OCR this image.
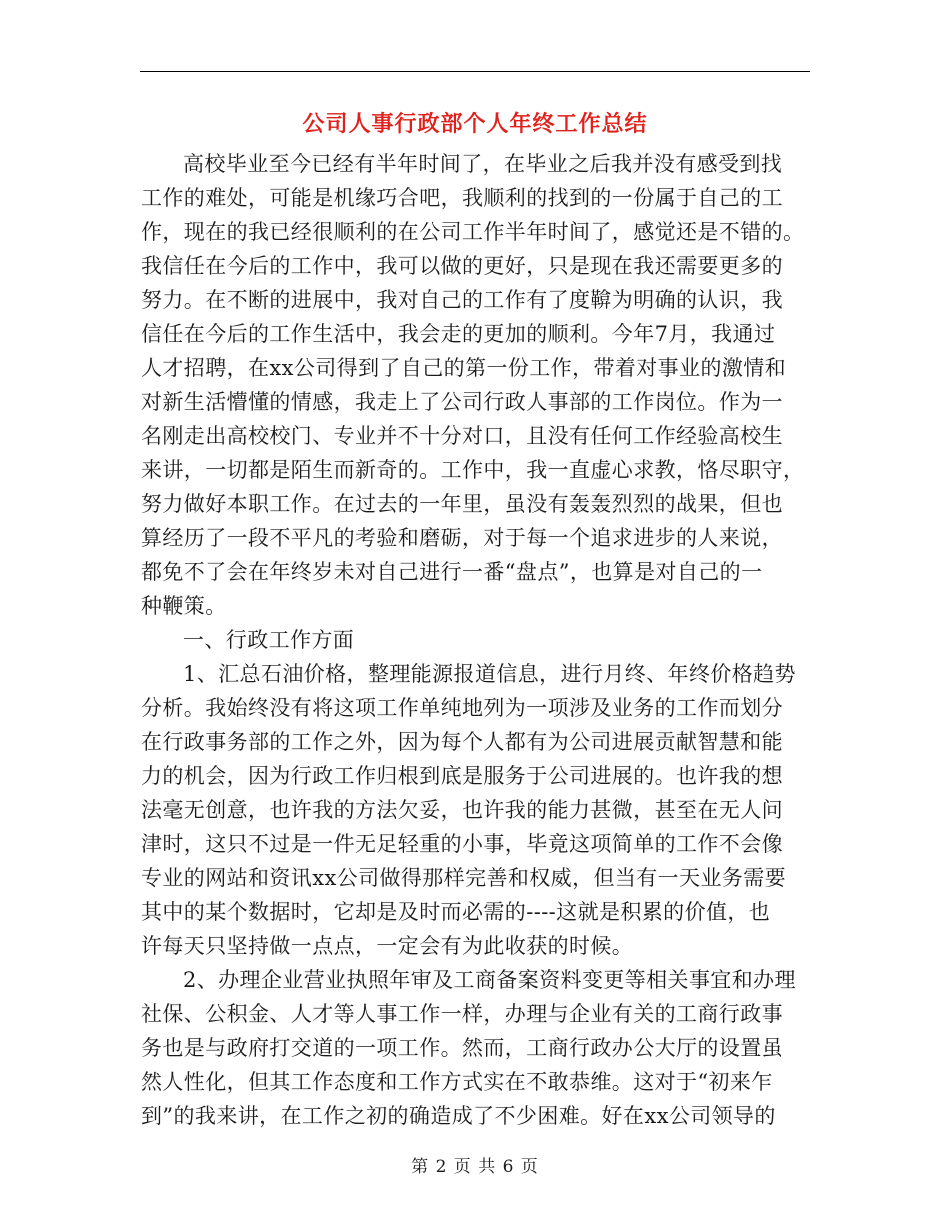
公司人事行政部个人年终工作总结
高校毕业至今已经有半年时间了，在毕业之后我并没有感受到找
工作的难处，可能是机缘巧合吧，我顺利的找到的一份属于自己的工
作，现在的我已经很顺利的在公司工作半年时间了，感觉还是不错的。
我信任在今后的工作中，我可以做的更好，只是现在我还需要更多的
努力。在不断的进展中，我对自己的工作有了度鞥为明确的认识，我
信任在今后的工作生活中，我会走的更加的顺利。今年7月，我通过
人才招聘，在xx公司得到了自己的第一份工作，带着对事业的激情和
对新生活懵懂的情感，我走上了公司行政人事部的工作岗位。作为一
名刚走出高校校门、专业并不十分对口，且没有任何工作经验高校生
来讲，一切都是陌生而新奇的。工作中，我一直虚心求教，恪尽职守，
努力做好本职工作。在过去的一年里，虽没有轰轰烈烈的战果，但也
算经历了一段不平凡的考验和磨砺，对于每一个追求进步的人来说，
都免不了会在年终岁未对自己进行一番“盘点”，也算是对自己的一
种鞭策。
一、行政工作方面
1、汇总石油价格，整理能源报道信息，进行月终、年终价格趋势
分析。我始终没有将这项工作单纯地列为一项涉及业务的工作而划分
在行政事务部的工作之外，因为每个人都有为公司进展贡献智慧和能
力的机会，因为行政工作归根到底是服务于公司进展的。也许我的想
法毫无创意，也许我的方法欠妥，也许我的能力甚微，甚至在无人问
津时，这只不过是一件无足轻重的小事，毕竟这项简单的工作不会像
专业的网站和资讯xx公司做得那样完善和权威，但当有一天业务需要
其中的某个数据时，它却是及时而必需的----这就是积累的价值，也
许每天只坚持做一点点，一定会有为此收获的时候。
2、办理企业营业执照年审及工商备案资料变更等相关事宜和办理
社保、公积金、人才等人事工作一样，办理与企业有关的工商行政事
务也是与政府打交道的一项工作。然而，工商行政办公大厅的设置虽
然人性化，但其工作态度和工作方式实在不敢恭维。这对于“初来乍
到”的我来讲，在工作之初的确造成了不少困难。好在xx公司领导的
第 2 页 共 6 页
